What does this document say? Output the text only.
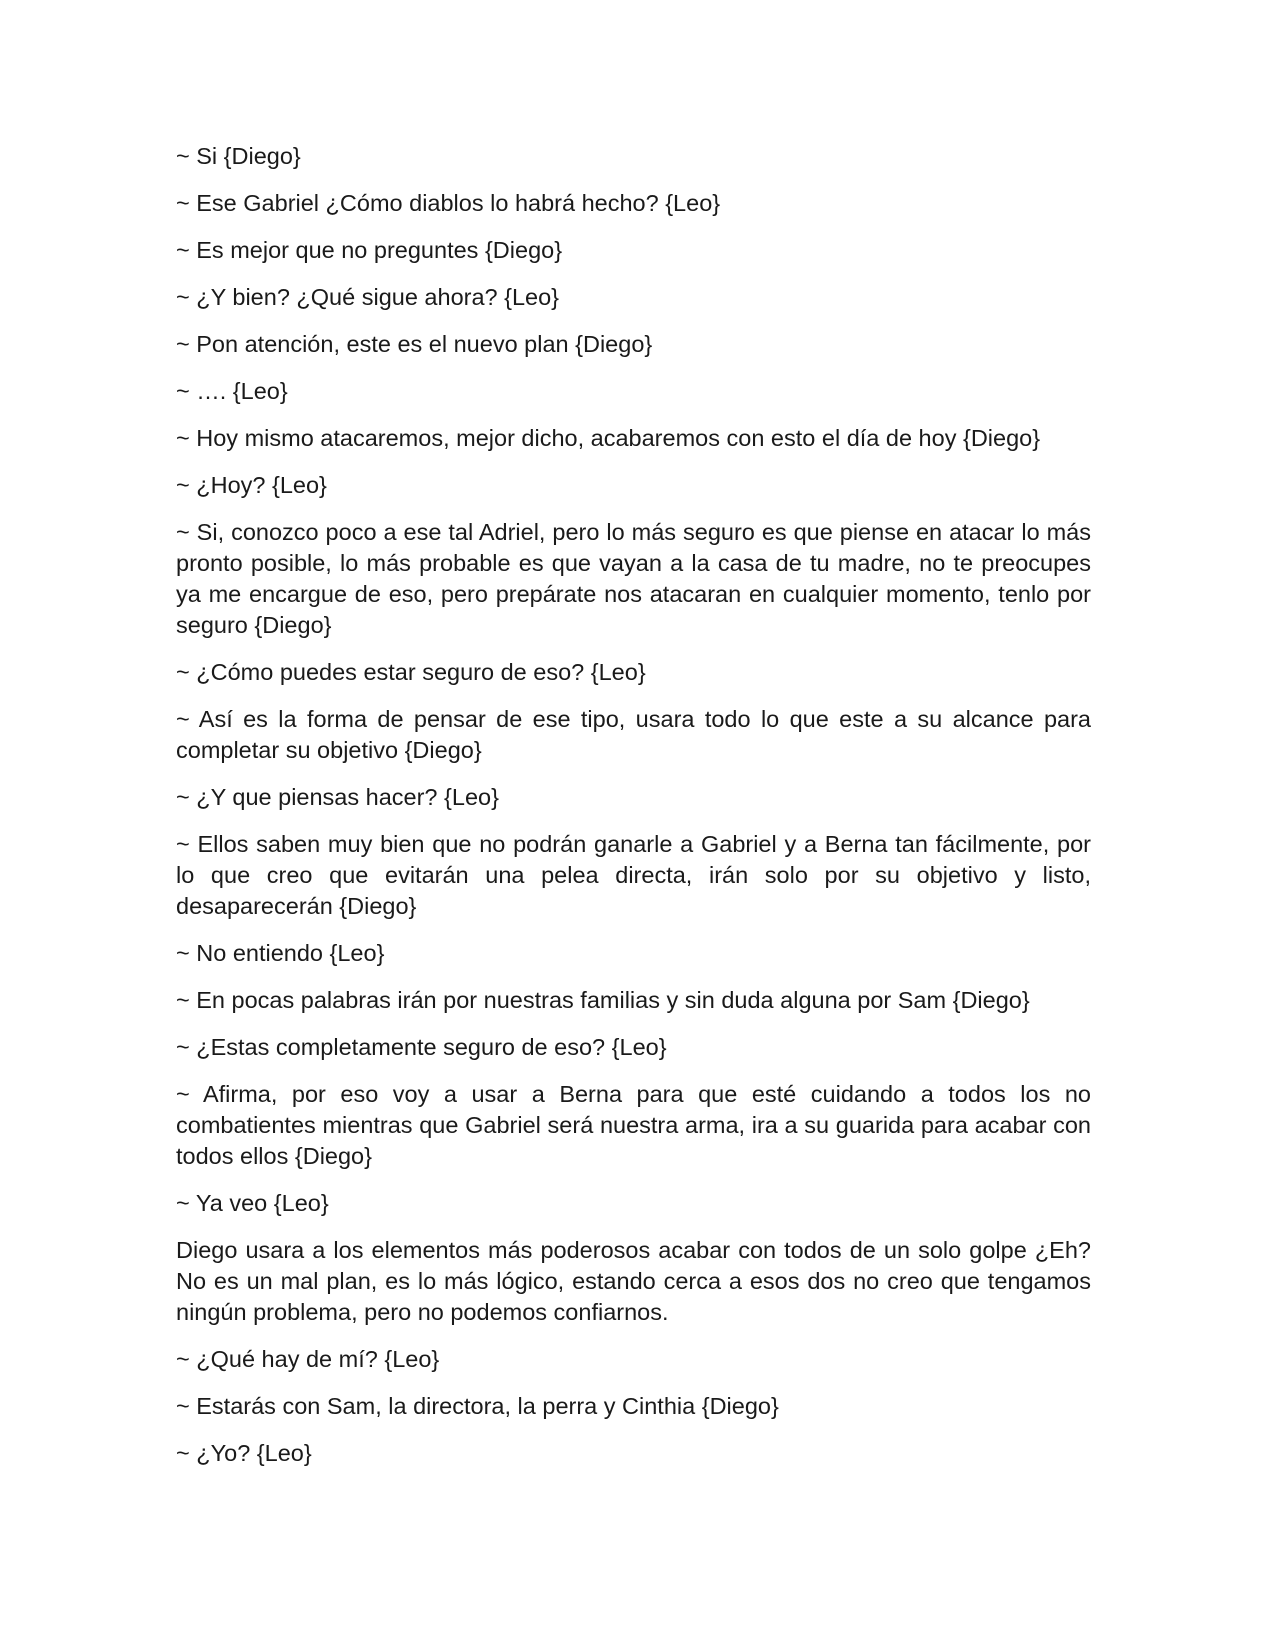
~ Si {Diego}

~ Ese Gabriel ¿Cómo diablos lo habrá hecho? {Leo}

~ Es mejor que no preguntes {Diego}

~ ¿Y bien? ¿Qué sigue ahora? {Leo}

~ Pon atención, este es el nuevo plan {Diego}

~ …. {Leo}

~ Hoy mismo atacaremos, mejor dicho, acabaremos con esto el día de hoy {Diego}

~ ¿Hoy? {Leo}

~ Si, conozco poco a ese tal Adriel, pero lo más seguro es que piense en atacar lo más pronto posible, lo más probable es que vayan a la casa de tu madre, no te preocupes ya me encargue de eso, pero prepárate nos atacaran en cualquier momento, tenlo por seguro {Diego}

~ ¿Cómo puedes estar seguro de eso? {Leo}

~ Así es la forma de pensar de ese tipo, usara todo lo que este a su alcance para completar su objetivo {Diego}

~ ¿Y que piensas hacer? {Leo}

~ Ellos saben muy bien que no podrán ganarle a Gabriel y a Berna tan fácilmente, por lo que creo que evitarán una pelea directa, irán solo por su objetivo y listo, desaparecerán {Diego}

~ No entiendo {Leo}

~ En pocas palabras irán por nuestras familias y sin duda alguna por Sam {Diego}

~ ¿Estas completamente seguro de eso? {Leo}

~ Afirma, por eso voy a usar a Berna para que esté cuidando a todos los no combatientes mientras que Gabriel será nuestra arma, ira a su guarida para acabar con todos ellos {Diego}

~ Ya veo {Leo}

Diego usara a los elementos más poderosos acabar con todos de un solo golpe ¿Eh? No es un mal plan, es lo más lógico, estando cerca a esos dos no creo que tengamos ningún problema, pero no podemos confiarnos.

~ ¿Qué hay de mí? {Leo}

~ Estarás con Sam, la directora, la perra y Cinthia {Diego}

~ ¿Yo? {Leo}
